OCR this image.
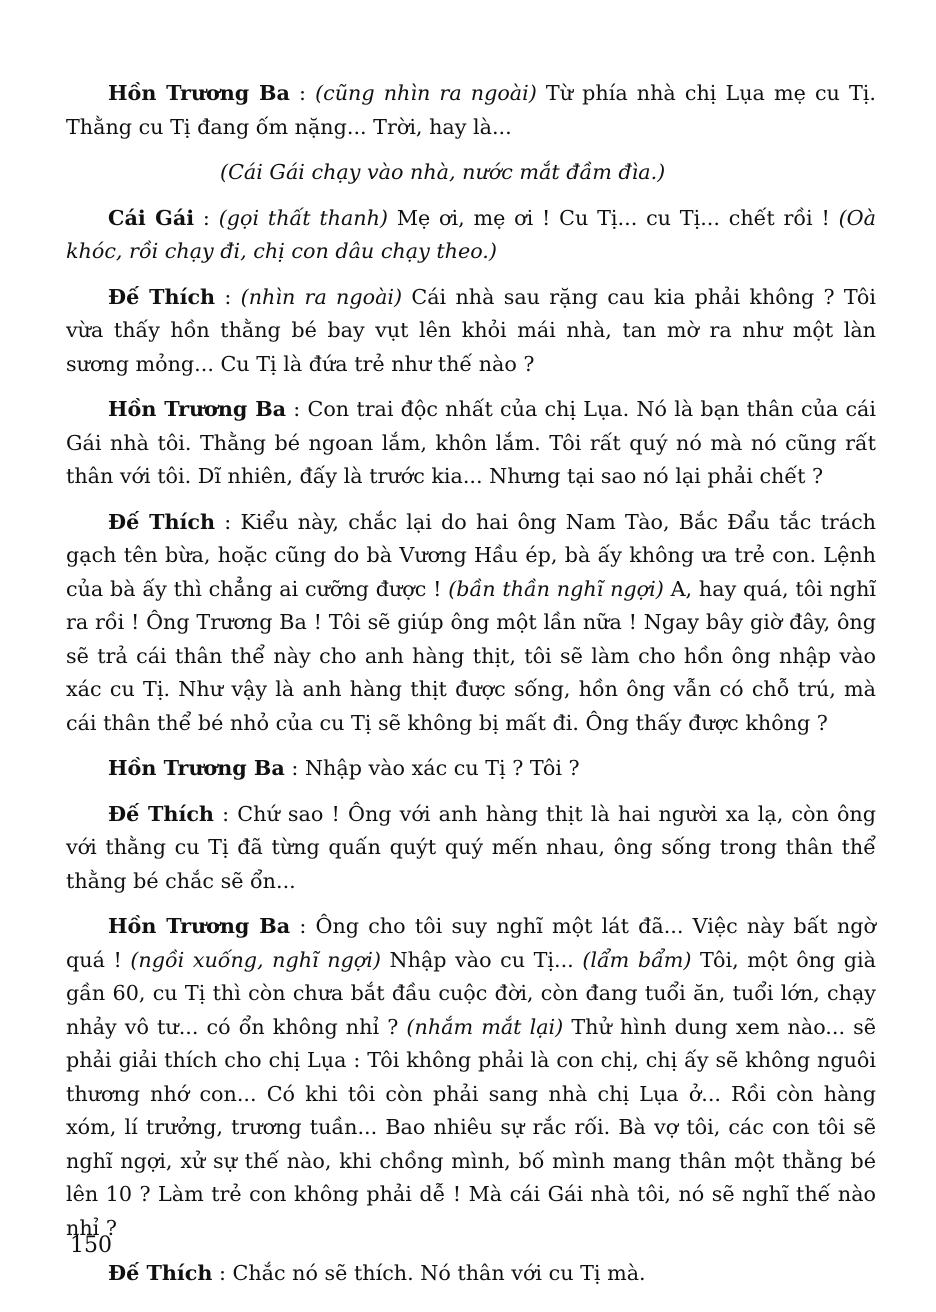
Hồn Trương Ba : (cũng nhìn ra ngoài) Từ phía nhà chị Lụa mẹ cu Tị. Thằng cu Tị đang ốm nặng... Trời, hay là...

(Cái Gái chạy vào nhà, nước mắt đầm đìa.)

Cái Gái : (gọi thất thanh) Mẹ ơi, mẹ ơi ! Cu Tị... cu Tị... chết rồi ! (Oà khóc, rồi chạy đi, chị con dâu chạy theo.)

Đế Thích : (nhìn ra ngoài) Cái nhà sau rặng cau kia phải không ? Tôi vừa thấy hồn thằng bé bay vụt lên khỏi mái nhà, tan mờ ra như một làn sương mỏng... Cu Tị là đứa trẻ như thế nào ?

Hồn Trương Ba : Con trai độc nhất của chị Lụa. Nó là bạn thân của cái Gái nhà tôi. Thằng bé ngoan lắm, khôn lắm. Tôi rất quý nó mà nó cũng rất thân với tôi. Dĩ nhiên, đấy là trước kia... Nhưng tại sao nó lại phải chết ?

Đế Thích : Kiểu này, chắc lại do hai ông Nam Tào, Bắc Đẩu tắc trách gạch tên bừa, hoặc cũng do bà Vương Hầu ép, bà ấy không ưa trẻ con. Lệnh của bà ấy thì chẳng ai cưỡng được ! (bần thần nghĩ ngợi) A, hay quá, tôi nghĩ ra rồi ! Ông Trương Ba ! Tôi sẽ giúp ông một lần nữa ! Ngay bây giờ đây, ông sẽ trả cái thân thể này cho anh hàng thịt, tôi sẽ làm cho hồn ông nhập vào xác cu Tị. Như vậy là anh hàng thịt được sống, hồn ông vẫn có chỗ trú, mà cái thân thể bé nhỏ của cu Tị sẽ không bị mất đi. Ông thấy được không ?

Hồn Trương Ba : Nhập vào xác cu Tị ? Tôi ?

Đế Thích : Chứ sao ! Ông với anh hàng thịt là hai người xa lạ, còn ông với thằng cu Tị đã từng quấn quýt quý mến nhau, ông sống trong thân thể thằng bé chắc sẽ ổn...

Hồn Trương Ba : Ông cho tôi suy nghĩ một lát đã... Việc này bất ngờ quá ! (ngồi xuống, nghĩ ngợi) Nhập vào cu Tị... (lẩm bẩm) Tôi, một ông già gần 60, cu Tị thì còn chưa bắt đầu cuộc đời, còn đang tuổi ăn, tuổi lớn, chạy nhảy vô tư... có ổn không nhỉ ? (nhắm mắt lại) Thử hình dung xem nào... sẽ phải giải thích cho chị Lụa : Tôi không phải là con chị, chị ấy sẽ không nguôi thương nhớ con... Có khi tôi còn phải sang nhà chị Lụa ở... Rồi còn hàng xóm, lí trưởng, trương tuần... Bao nhiêu sự rắc rối. Bà vợ tôi, các con tôi sẽ nghĩ ngợi, xử sự thế nào, khi chồng mình, bố mình mang thân một thằng bé lên 10 ? Làm trẻ con không phải dễ ! Mà cái Gái nhà tôi, nó sẽ nghĩ thế nào nhỉ ?

Đế Thích : Chắc nó sẽ thích. Nó thân với cu Tị mà.

150
